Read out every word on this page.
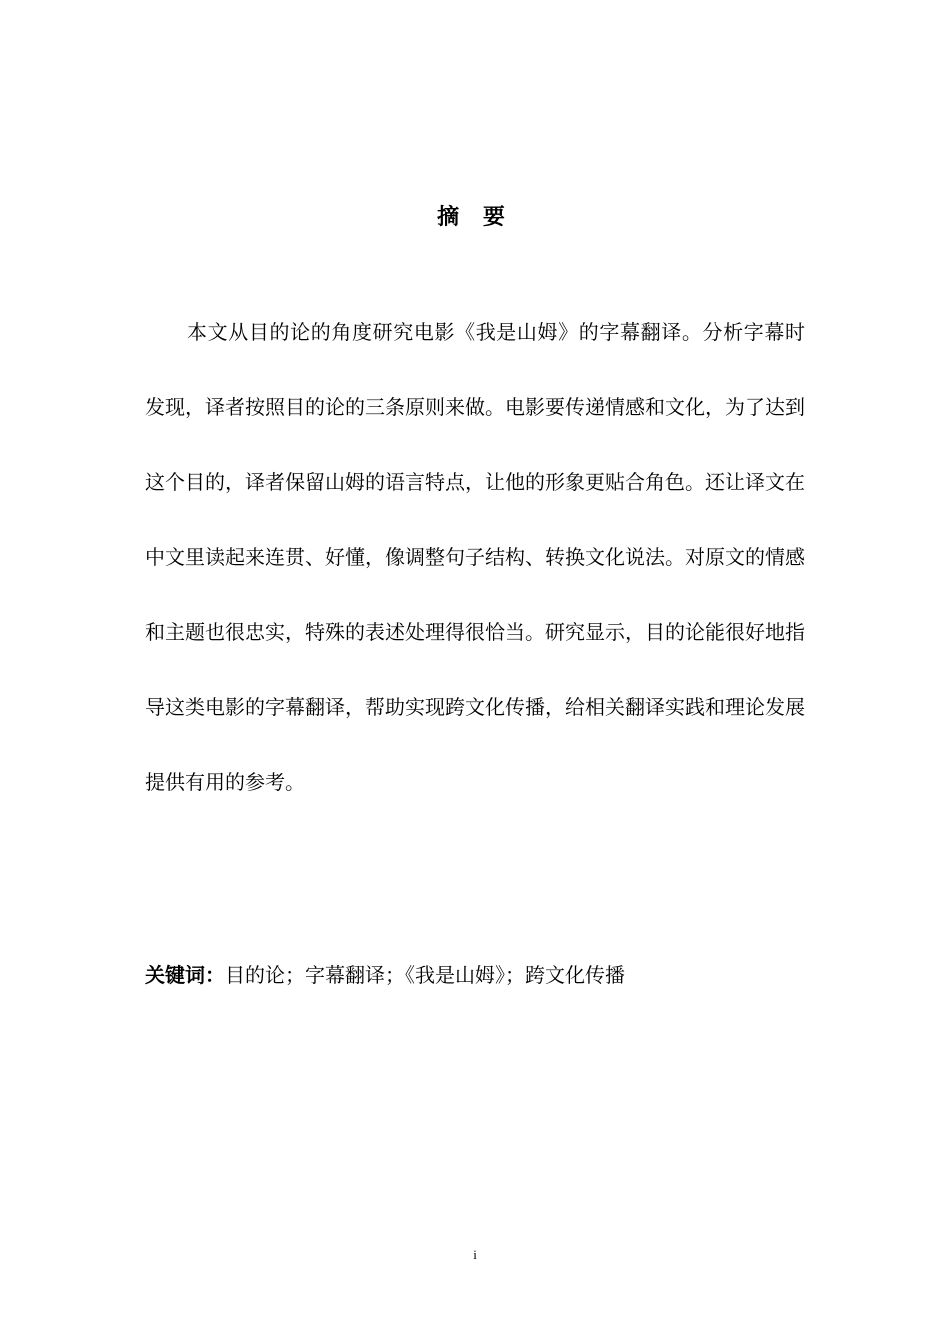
摘 要

本文从目的论的角度研究电影《我是山姆》的字幕翻译。分析字幕时发现，译者按照目的论的三条原则来做。电影要传递情感和文化，为了达到这个目的，译者保留山姆的语言特点，让他的形象更贴合角色。还让译文在中文里读起来连贯、好懂，像调整句子结构、转换文化说法。对原文的情感和主题也很忠实，特殊的表述处理得很恰当。研究显示，目的论能很好地指导这类电影的字幕翻译，帮助实现跨文化传播，给相关翻译实践和理论发展提供有用的参考。

关键词：目的论；字幕翻译；《我是山姆》；跨文化传播
i
